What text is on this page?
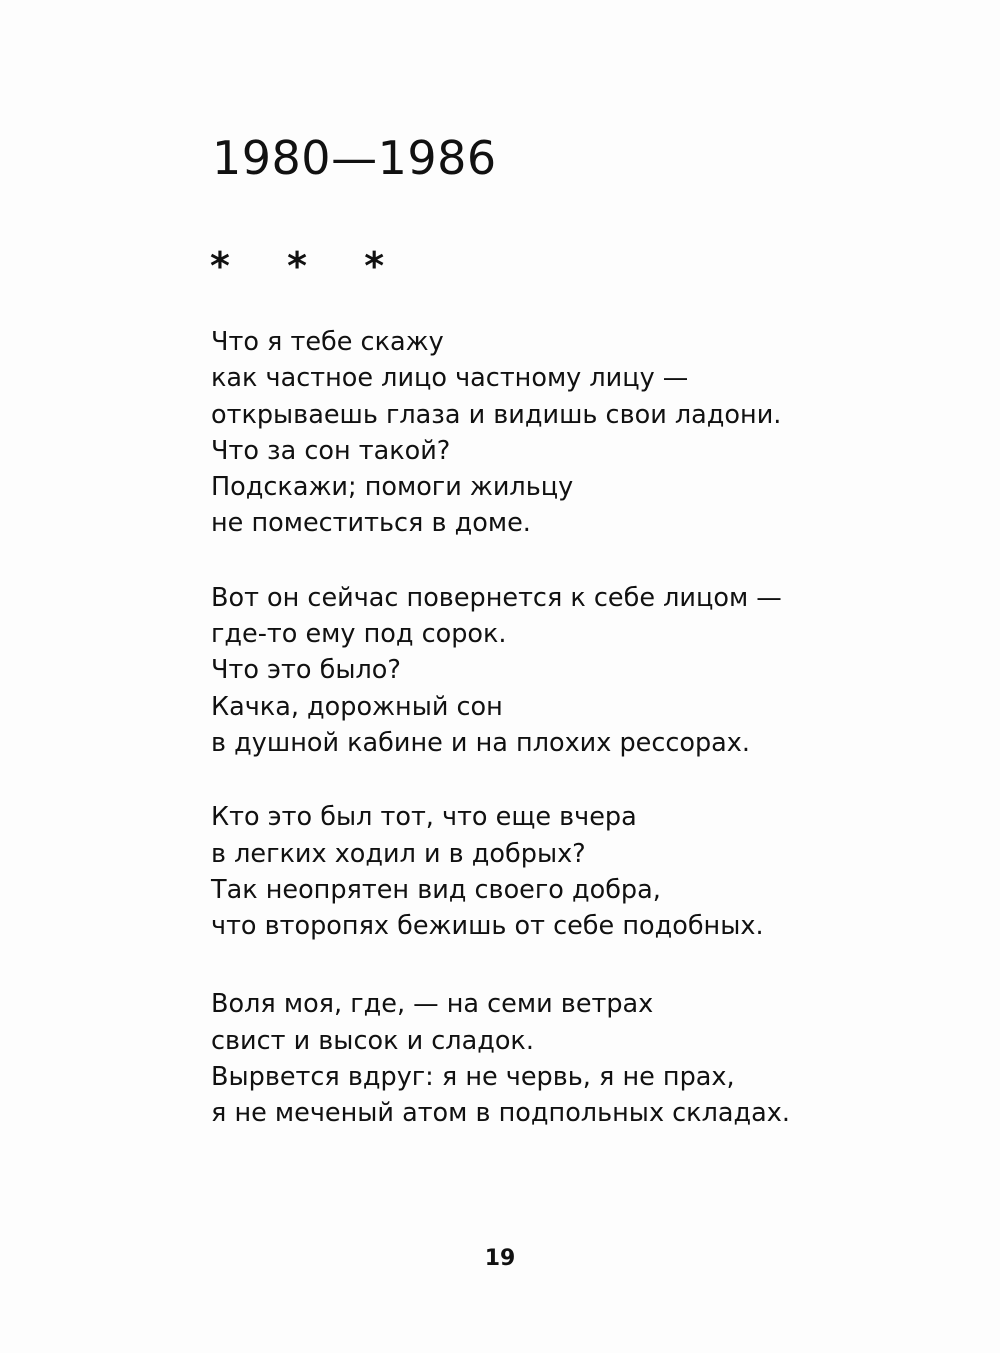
1980—1986
* * *
Что я тебе скажу
как частное лицо частному лицу —
открываешь глаза и видишь свои ладони.
Что за сон такой?
Подскажи; помоги жильцу
не поместиться в доме.
Вот он сейчас повернется к себе лицом —
где-то ему под сорок.
Что это было?
Качка, дорожный сон
в душной кабине и на плохих рессорах.
Кто это был тот, что еще вчера
в легких ходил и в добрых?
Так неопрятен вид своего добра,
что второпях бежишь от себе подобных.
Воля моя, где, — на семи ветрах
свист и высок и сладок.
Вырвется вдруг: я не червь, я не прах,
я не меченый атом в подпольных складах.
19
